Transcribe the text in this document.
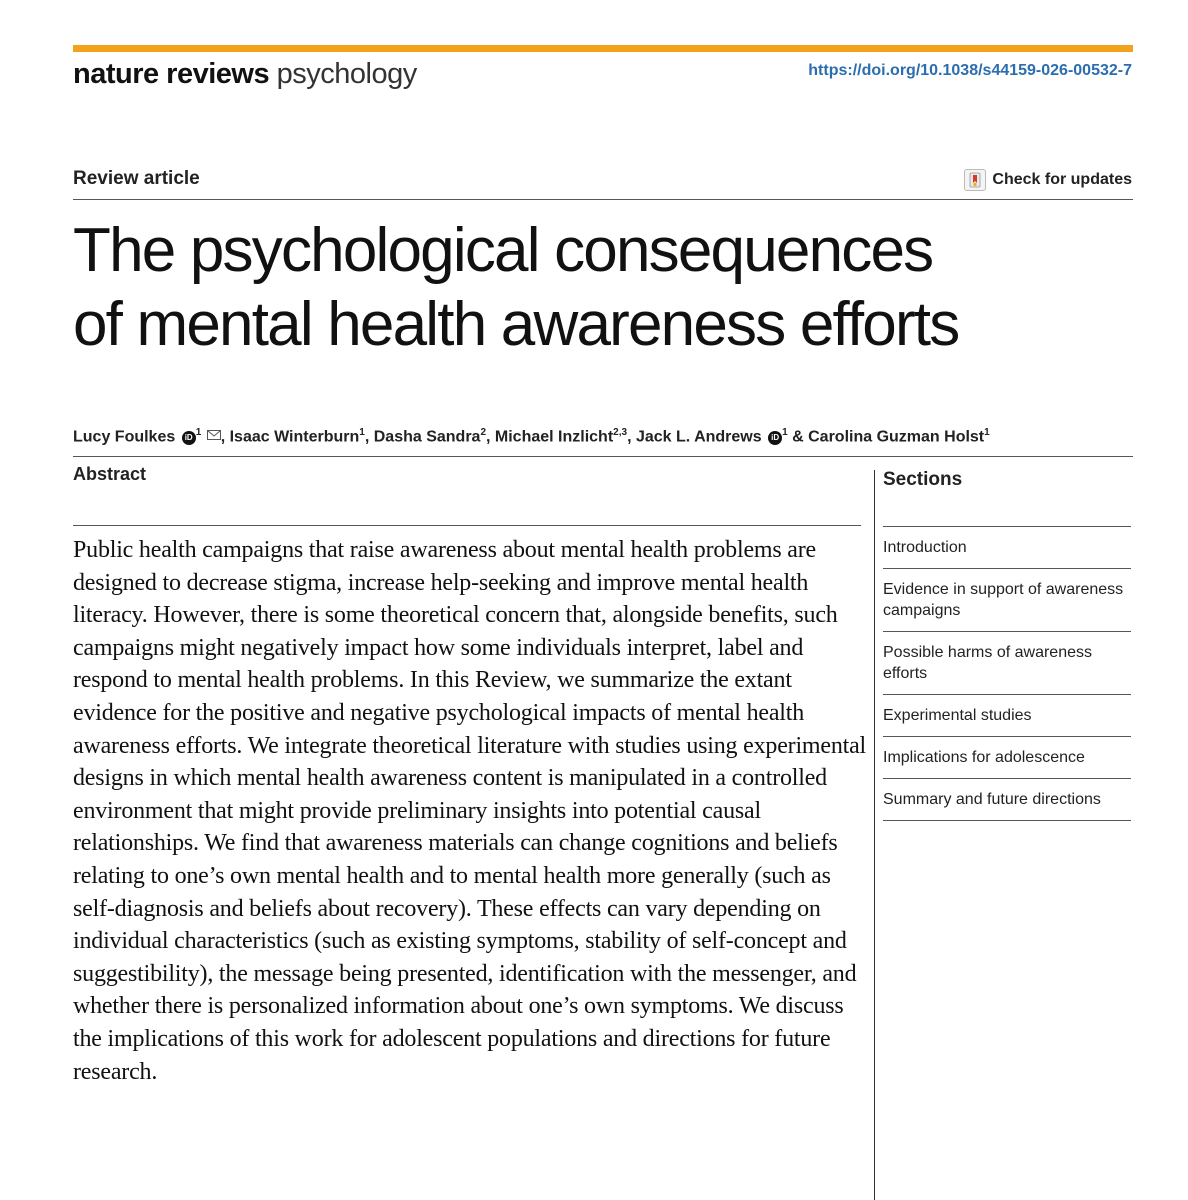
nature reviews psychology	https://doi.org/10.1038/s44159-026-00532-7
Review article	Check for updates
The psychological consequences
of mental health awareness efforts
Lucy Foulkes iD $^1$ , Isaac Winterburn$^1$, Dasha Sandra$^2$, Michael Inzlicht$^{2,3}$, Jack L. Andrews iD $^1$ & Carolina Guzman Holst$^1$
Abstract
Public health campaigns that raise awareness about mental health problems are designed to decrease stigma, increase help-seeking and improve mental health literacy. However, there is some theoretical concern that, alongside benefits, such campaigns might negatively impact how some individuals interpret, label and respond to mental health problems. In this Review, we summarize the extant evidence for the positive and negative psychological impacts of mental health awareness efforts. We integrate theoretical literature with studies using experimental designs in which mental health awareness content is manipulated in a controlled environment that might provide preliminary insights into potential causal relationships. We find that awareness materials can change cognitions and beliefs relating to one’s own mental health and to mental health more generally (such as self-diagnosis and beliefs about recovery). These effects can vary depending on individual characteristics (such as existing symptoms, stability of self-concept and suggestibility), the message being presented, identification with the messenger, and whether there is personalized information about one’s own symptoms. We discuss the implications of this work for adolescent populations and directions for future research.
Sections
Introduction
Evidence in support of awareness campaigns
Possible harms of awareness efforts
Experimental studies
Implications for adolescence
Summary and future directions
